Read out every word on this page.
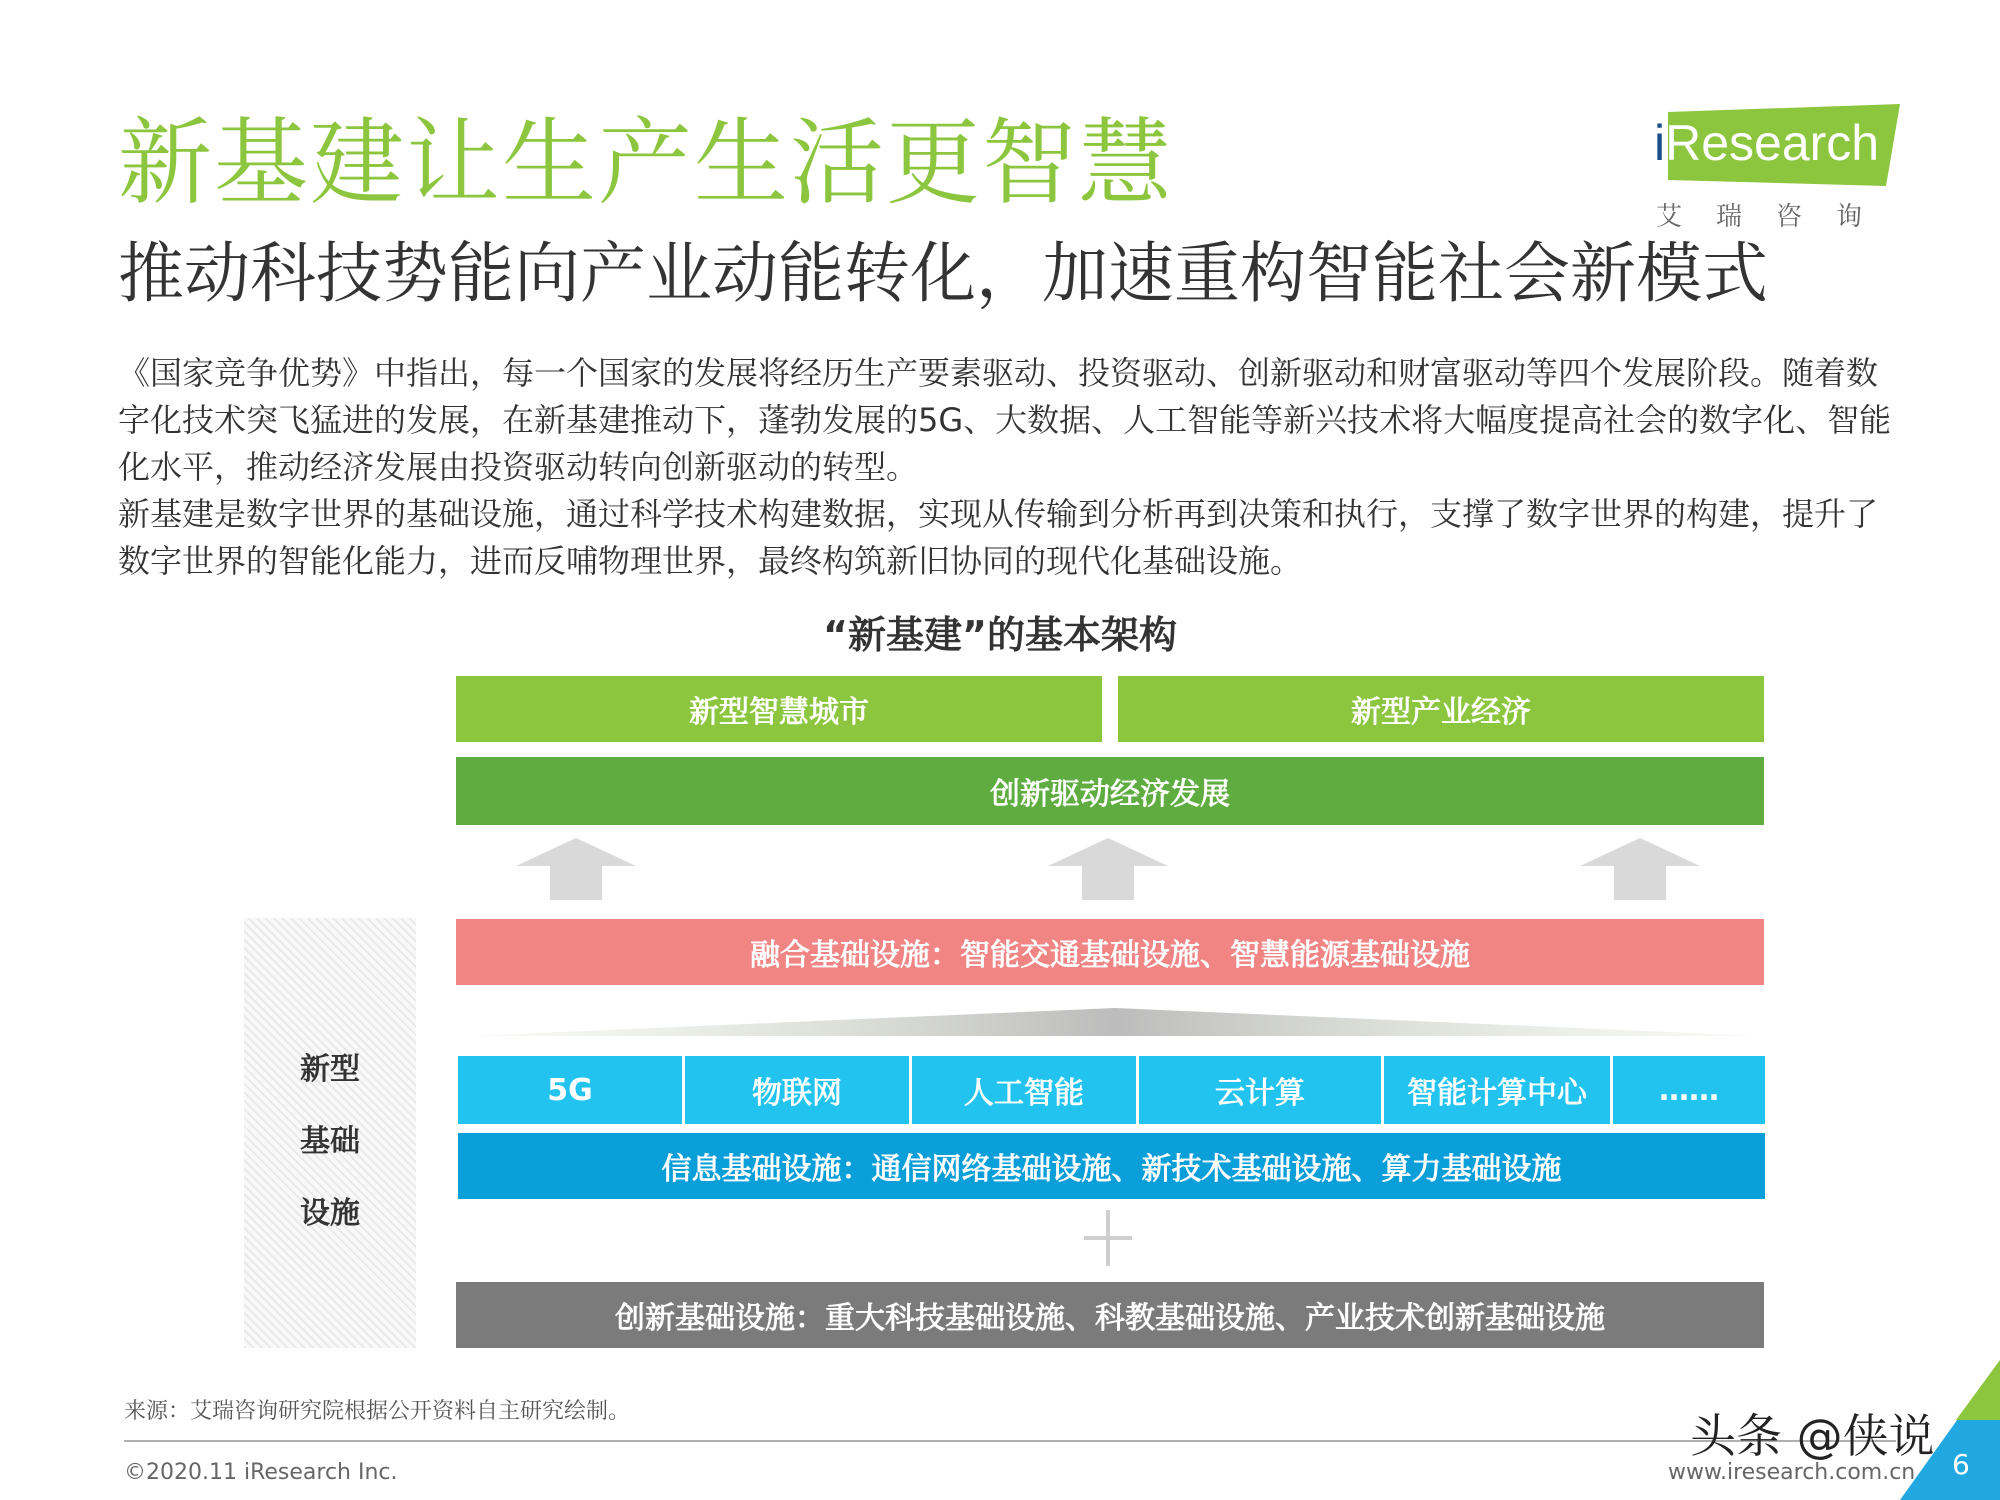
新基建让生产生活更智慧
推动科技势能向产业动能转化，加速重构智能社会新模式
iResearch
艾瑞咨询

《国家竞争优势》中指出，每一个国家的发展将经历生产要素驱动、投资驱动、创新驱动和财富驱动等四个发展阶段。随着数字化技术突飞猛进的发展，在新基建推动下，蓬勃发展的5G、大数据、人工智能等新兴技术将大幅度提高社会的数字化、智能化水平，推动经济发展由投资驱动转向创新驱动的转型。

新基建是数字世界的基础设施，通过科学技术构建数据，实现从传输到分析再到决策和执行，支撑了数字世界的构建，提升了数字世界的智能化能力，进而反哺物理世界，最终构筑新旧协同的现代化基础设施。

“新基建”的基本架构
新型智慧城市	新型产业经济
创新驱动经济发展
新型
基础
设施
融合基础设施：智能交通基础设施、智慧能源基础设施
5G	物联网	人工智能	云计算	智能计算中心	……
信息基础设施：通信网络基础设施、新技术基础设施、算力基础设施
创新基础设施：重大科技基础设施、科教基础设施、产业技术创新基础设施
来源：艾瑞咨询研究院根据公开资料自主研究绘制。
©2020.11 iResearch Inc.
头条 @侠说
www.iresearch.com.cn 6
